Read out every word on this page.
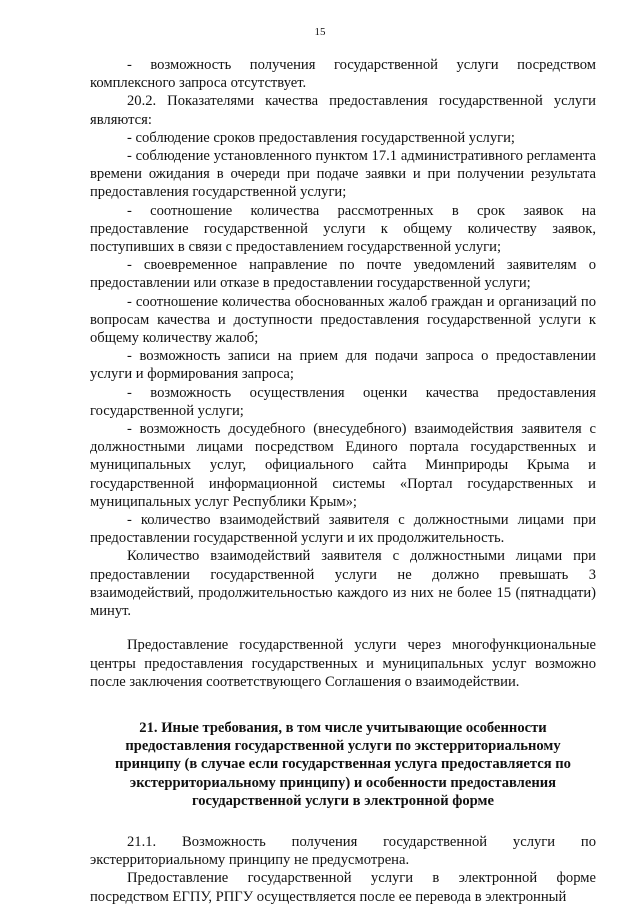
15

- возможность получения государственной услуги посредством комплексного запроса отсутствует.

20.2. Показателями качества предоставления государственной услуги являются:

- соблюдение сроков предоставления государственной услуги;

- соблюдение установленного пунктом 17.1 административного регламента времени ожидания в очереди при подаче заявки и при получении результата предоставления государственной услуги;

- соотношение количества рассмотренных в срок заявок на предоставление государственной услуги к общему количеству заявок, поступивших в связи с предоставлением государственной услуги;

- своевременное направление по почте уведомлений заявителям о предоставлении или отказе в предоставлении государственной услуги;

- соотношение количества обоснованных жалоб граждан и организаций по вопросам качества и доступности предоставления государственной услуги к общему количеству жалоб;

- возможность записи на прием для подачи запроса о предоставлении услуги и формирования запроса;

- возможность осуществления оценки качества предоставления государственной услуги;

- возможность досудебного (внесудебного) взаимодействия заявителя с должностными лицами посредством Единого портала государственных и муниципальных услуг, официального сайта Минприроды Крыма и государственной информационной системы «Портал государственных и муниципальных услуг Республики Крым»;

- количество взаимодействий заявителя с должностными лицами при предоставлении государственной услуги и их продолжительность.

Количество взаимодействий заявителя с должностными лицами при предоставлении государственной услуги не должно превышать 3 взаимодействий, продолжительностью каждого из них не более 15 (пятнадцати) минут.

Предоставление государственной услуги через многофункциональные центры предоставления государственных и муниципальных услуг возможно после заключения соответствующего Соглашения о взаимодействии.

21. Иные требования, в том числе учитывающие особенности предоставления государственной услуги по экстерриториальному принципу (в случае если государственная услуга предоставляется по экстерриториальному принципу) и особенности предоставления государственной услуги в электронной форме

21.1. Возможность получения государственной услуги по экстерриториальному принципу не предусмотрена.

Предоставление государственной услуги в электронной форме посредством ЕГПУ, РПГУ осуществляется после ее перевода в электронный
